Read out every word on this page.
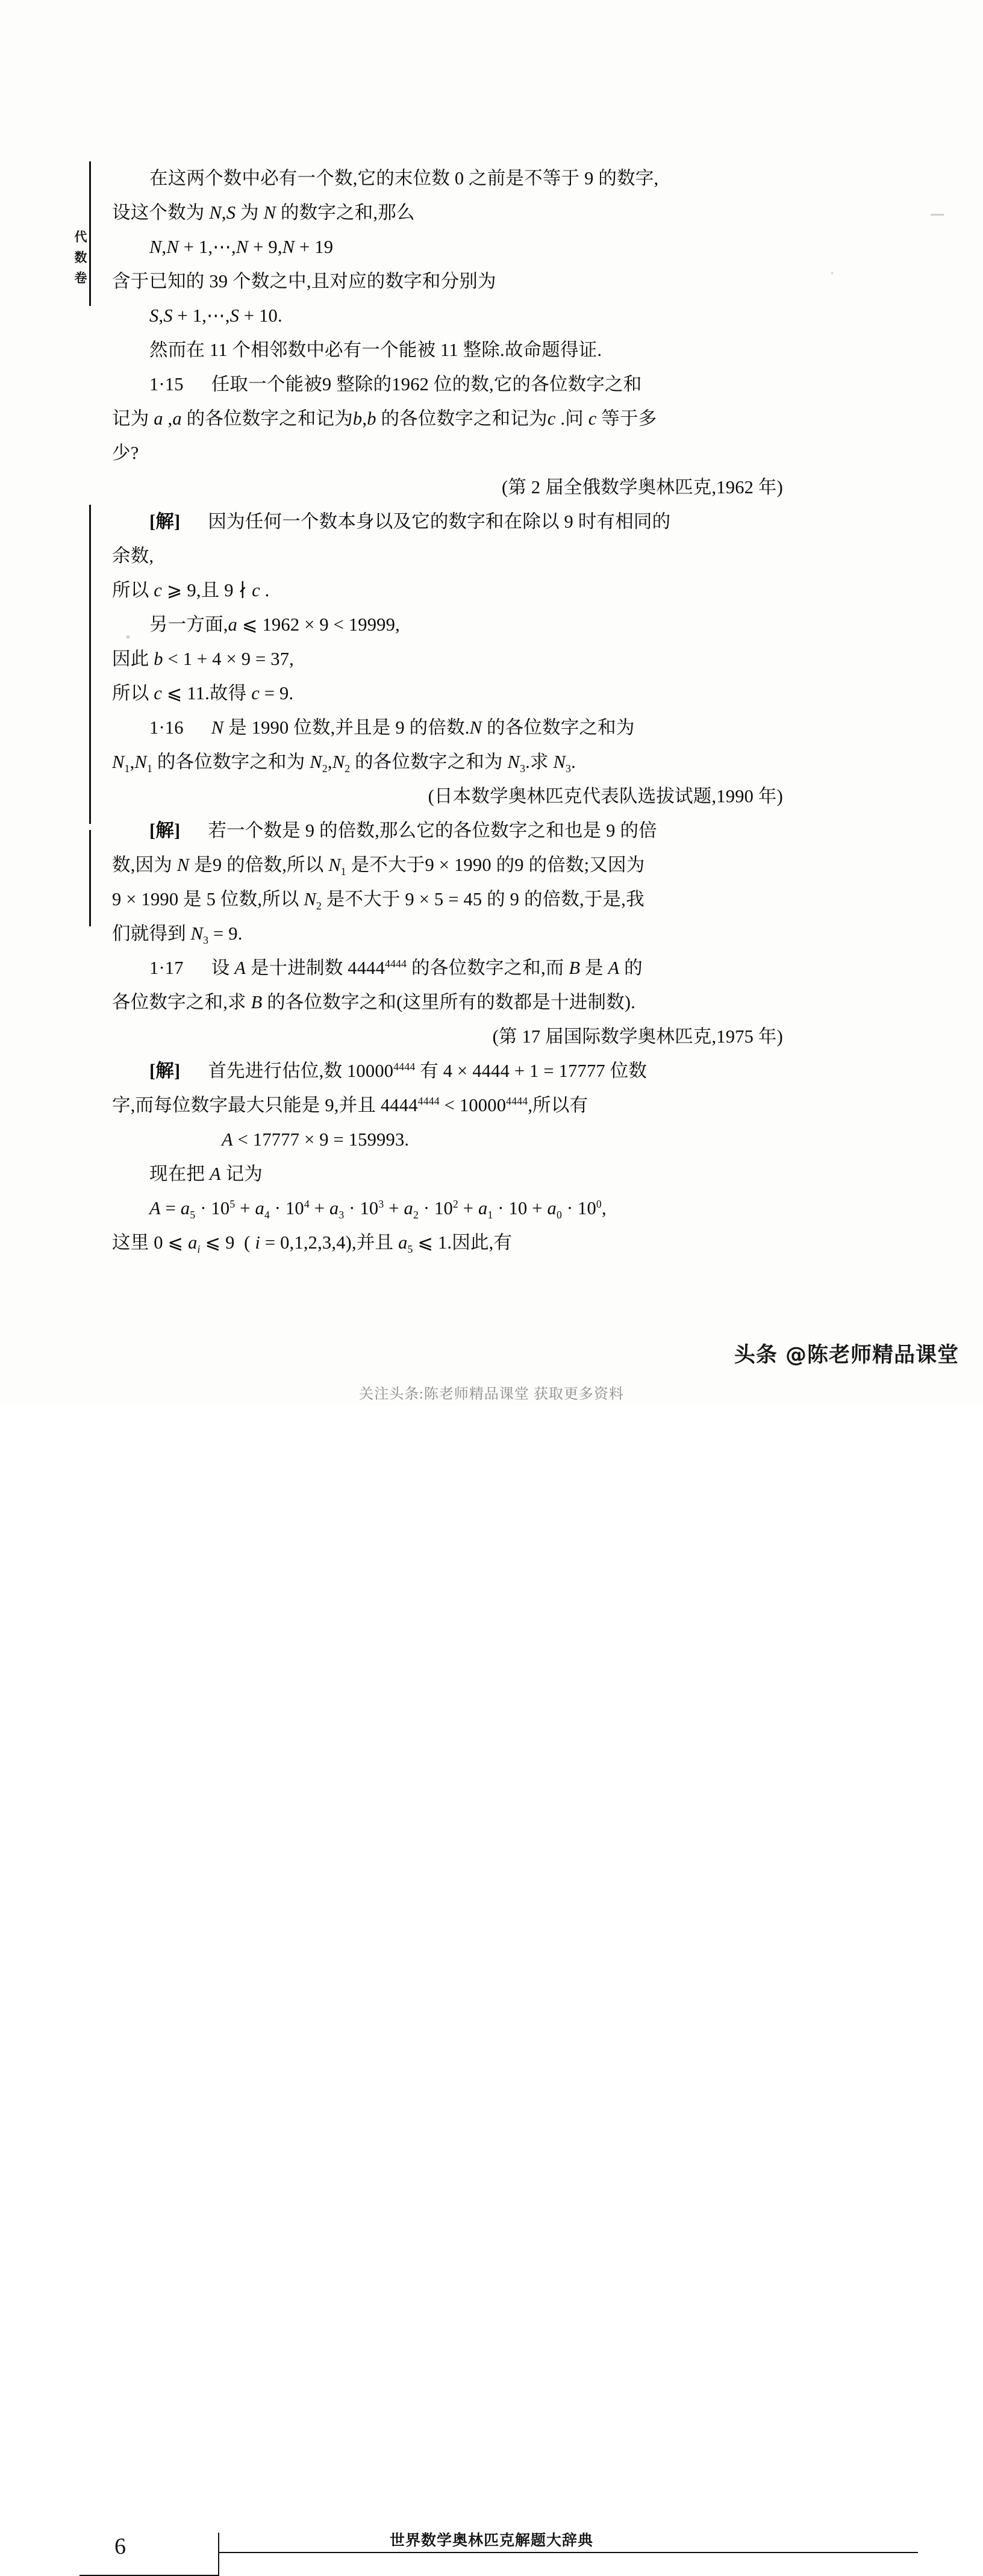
代数卷
在这两个数中必有一个数,它的末位数 0 之前是不等于 9 的数字,
设这个数为 N,S 为 N 的数字之和,那么
N,N + 1,⋯,N + 9,N + 19
含于已知的 39 个数之中,且对应的数字和分别为
S,S + 1,⋯,S + 10.
然而在 11 个相邻数中必有一个能被 11 整除.故命题得证.
1·15 任取一个能被9 整除的1962 位的数,它的各位数字之和
记为 a ,a 的各位数字之和记为b,b 的各位数字之和记为c .问 c 等于多
少?
(第 2 届全俄数学奥林匹克,1962 年)
[解] 因为任何一个数本身以及它的数字和在除以 9 时有相同的
余数,
所以 c ⩾ 9,且 9 ∤ c .
另一方面,a ⩽ 1962 × 9 < 19999,
因此 b < 1 + 4 × 9 = 37,
所以 c ⩽ 11.故得 c = 9.
1·16 N 是 1990 位数,并且是 9 的倍数.N 的各位数字之和为
$N_1,N_1$ 的各位数字之和为 $N_2,N_2$ 的各位数字之和为 $N_3$.求 $N_3$.
(日本数学奥林匹克代表队选拔试题,1990 年)
[解] 若一个数是 9 的倍数,那么它的各位数字之和也是 9 的倍
数,因为 N 是9 的倍数,所以 $N_1$ 是不大于9 × 1990 的9 的倍数;又因为
9 × 1990 是 5 位数,所以 $N_2$ 是不大于 9 × 5 = 45 的 9 的倍数,于是,我
们就得到 $N_3 = 9$.
1·17 设 A 是十进制数 $4444^{4444}$ 的各位数字之和,而 B 是 A 的
各位数字之和,求 B 的各位数字之和(这里所有的数都是十进制数).
(第 17 届国际数学奥林匹克,1975 年)
[解] 首先进行估位,数 $10000^{4444}$ 有 4 × 4444 + 1 = 17777 位数
字,而每位数字最大只能是 9,并且 $4444^{4444} < 10000^{4444}$,所以有
A < 17777 × 9 = 159993.
现在把 A 记为
$A = a_5 \cdot 10^5 + a_4 \cdot 10^4 + a_3 \cdot 10^3 + a_2 \cdot 10^2 + a_1 \cdot 10 + a_0 \cdot 10^0$,
这里 0 ⩽ $a_i$ ⩽ 9  ( i = 0,1,2,3,4),并且 $a_5$ ⩽ 1.因此,有
6	世界数学奥林匹克解题大辞典
头条 @陈老师精品课堂
关注头条:陈老师精品课堂 获取更多资料
